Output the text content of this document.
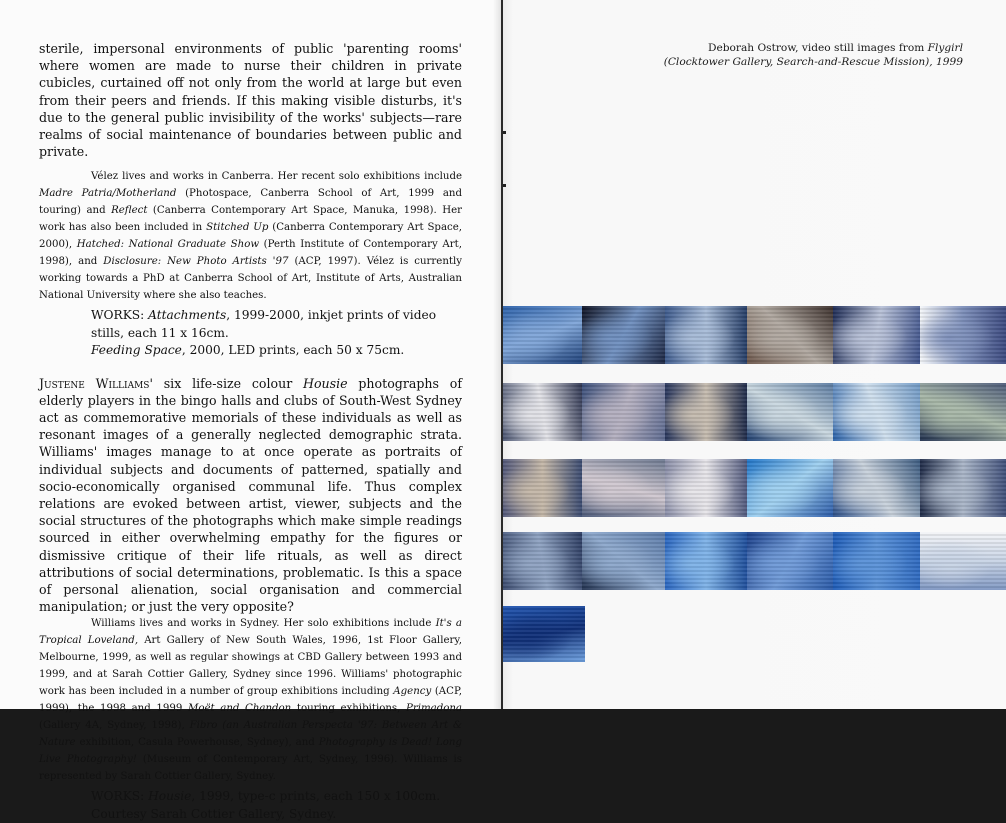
sterile, impersonal environments of public 'parenting rooms' where women are made to nurse their children in private cubicles, curtained off not only from the world at large but even from their peers and friends. If this making visible disturbs, it's due to the general public invisibility of the works' subjects—rare realms of social maintenance of boundaries between public and private.

Vélez lives and works in Canberra. Her recent solo exhibitions include Madre Patria/Motherland (Photospace, Canberra School of Art, 1999 and touring) and Reflect (Canberra Contemporary Art Space, Manuka, 1998). Her work has also been included in Stitched Up (Canberra Contemporary Art Space, 2000), Hatched: National Graduate Show (Perth Institute of Contemporary Art, 1998), and Disclosure: New Photo Artists '97 (ACP, 1997). Vélez is currently working towards a PhD at Canberra School of Art, Institute of Arts, Australian National University where she also teaches.

WORKS: Attachments, 1999-2000, inkjet prints of video stills, each 11 x 16cm.

Feeding Space, 2000, LED prints, each 50 x 75cm.

Justene Williams' six life-size colour Housie photographs of elderly players in the bingo halls and clubs of South-West Sydney act as commemorative memorials of these individuals as well as resonant images of a generally neglected demographic strata. Williams' images manage to at once operate as portraits of individual subjects and documents of patterned, spatially and socio-economically organised communal life. Thus complex relations are evoked between artist, viewer, subjects and the social structures of the photographs which make simple readings sourced in either overwhelming empathy for the figures or dismissive critique of their life rituals, as well as direct attributions of social determinations, problematic. Is this a space of personal alienation, social organisation and commercial manipulation; or just the very opposite?

Williams lives and works in Sydney. Her solo exhibitions include It's a Tropical Loveland, Art Gallery of New South Wales, 1996, 1st Floor Gallery, Melbourne, 1999, as well as regular showings at CBD Gallery between 1993 and 1999, and at Sarah Cottier Gallery, Sydney since 1996. Williams' photographic work has been included in a number of group exhibitions including Agency (ACP, 1999), the 1998 and 1999 Moët and Chandon touring exhibitions, Primadona (Gallery 4A, Sydney, 1998), Fibro (an Australian Perspecta '97: Between Art & Nature exhibition, Casula Powerhouse, Sydney), and Photography is Dead! Long Live Photography! (Museum of Contemporary Art, Sydney, 1996). Williams is represented by Sarah Cottier Gallery, Sydney.

WORKS: Housie, 1999, type-c prints, each 150 x 100cm.

Courtesy Sarah Cottier Gallery, Sydney.

Deborah Ostrow, video still images from Flygirl
(Clocktower Gallery, Search-and-Rescue Mission), 1999
